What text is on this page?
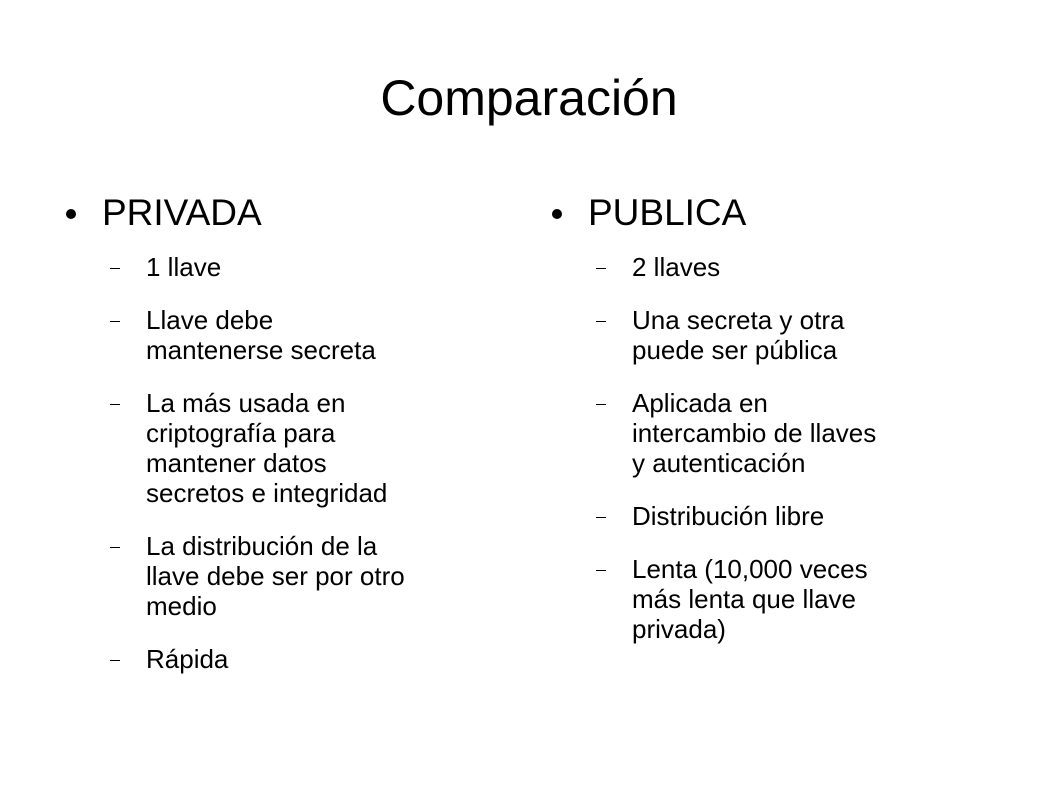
Comparación
PRIVADA
1 llave
Llave debe
mantenerse secreta
La más usada en
criptografía para
mantener datos
secretos e integridad
La distribución de la
llave debe ser por otro
medio
Rápida
PUBLICA
2 llaves
Una secreta y otra
puede ser pública
Aplicada en
intercambio de llaves
y autenticación
Distribución libre
Lenta (10,000 veces
más lenta que llave
privada)
